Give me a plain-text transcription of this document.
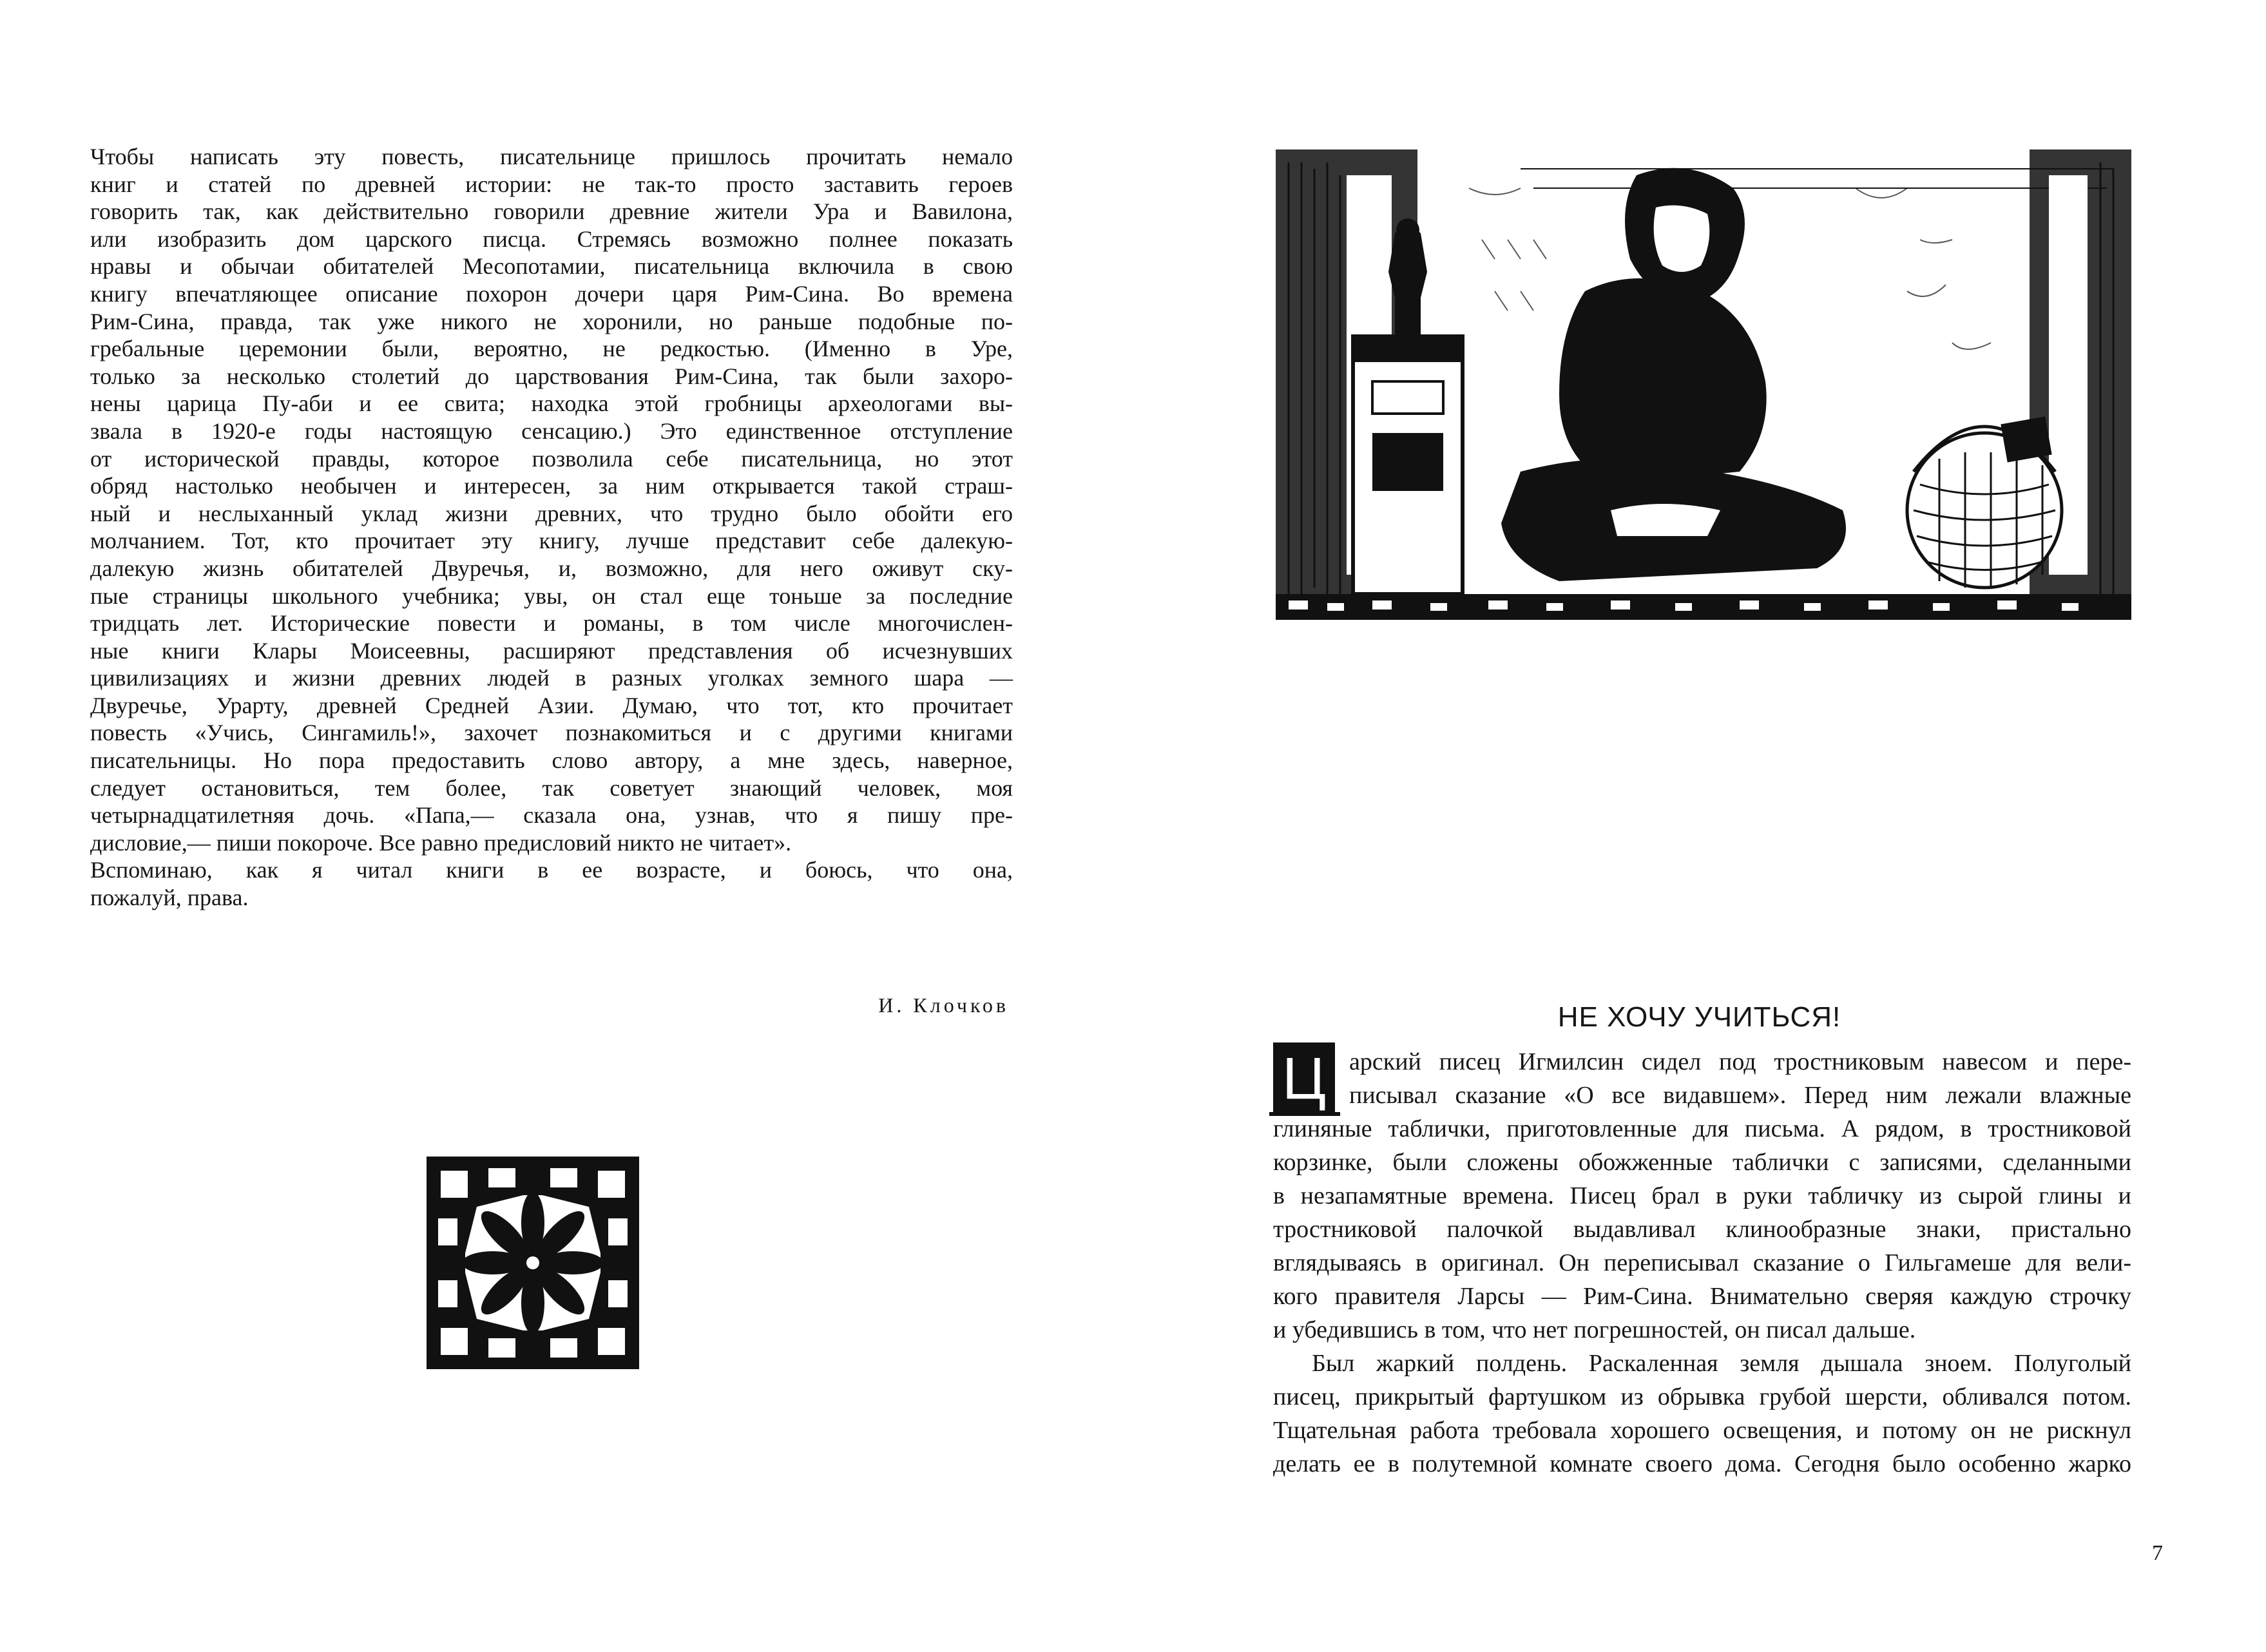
Чтобы написать эту повесть, писательнице пришлось прочитать немало
книг и статей по древней истории: не так-то просто заставить героев
говорить так, как действительно говорили древние жители Ура и Вавилона,
или изобразить дом царского писца. Стремясь возможно полнее показать
нравы и обычаи обитателей Месопотамии, писательница включила в свою
книгу впечатляющее описание похорон дочери царя Рим-Сина. Во времена
Рим-Сина, правда, так уже никого не хоронили, но раньше подобные по-
гребальные церемонии были, вероятно, не редкостью. (Именно в Уре,
только за несколько столетий до царствования Рим-Сина, так были захоро-
нены царица Пу-аби и ее свита; находка этой гробницы археологами вы-
звала в 1920-е годы настоящую сенсацию.) Это единственное отступление
от исторической правды, которое позволила себе писательница, но этот
обряд настолько необычен и интересен, за ним открывается такой страш-
ный и неслыханный уклад жизни древних, что трудно было обойти его
молчанием. Тот, кто прочитает эту книгу, лучше представит себе далекую-
далекую жизнь обитателей Двуречья, и, возможно, для него оживут ску-
пые страницы школьного учебника; увы, он стал еще тоньше за последние
тридцать лет. Исторические повести и романы, в том числе многочислен-
ные книги Клары Моисеевны, расширяют представления об исчезнувших
цивилизациях и жизни древних людей в разных уголках земного шара —
Двуречье, Урарту, древней Средней Азии. Думаю, что тот, кто прочитает
повесть «Учись, Сингамиль!», захочет познакомиться и с другими книгами
писательницы. Но пора предоставить слово автору, а мне здесь, наверное,
следует остановиться, тем более, так советует знающий человек, моя
четырнадцатилетняя дочь. «Папа,— сказала она, узнав, что я пишу пре-
дисловие,— пиши покороче. Все равно предисловий никто не читает».
Вспоминаю, как я читал книги в ее возрасте, и боюсь, что она,
пожалуй, права.
И. Клочков	НЕ ХОЧУ УЧИТЬСЯ!
Ц арский писец Игмилсин сидел под тростниковым навесом и пере-
писывал сказание «О все видавшем». Перед ним лежали влажные
глиняные таблички, приготовленные для письма. А рядом, в тростниковой
корзинке, были сложены обожженные таблички с записями, сделанными
в незапамятные времена. Писец брал в руки табличку из сырой глины и
тростниковой палочкой выдавливал клинообразные знаки, пристально
вглядываясь в оригинал. Он переписывал сказание о Гильгамеше для вели-
кого правителя Ларсы — Рим-Сина. Внимательно сверяя каждую строчку
и убедившись в том, что нет погрешностей, он писал дальше.
Был жаркий полдень. Раскаленная земля дышала зноем. Полуголый
писец, прикрытый фартушком из обрывка грубой шерсти, обливался потом.
Тщательная работа требовала хорошего освещения, и потому он не рискнул
делать ее в полутемной комнате своего дома. Сегодня было особенно жарко
7
